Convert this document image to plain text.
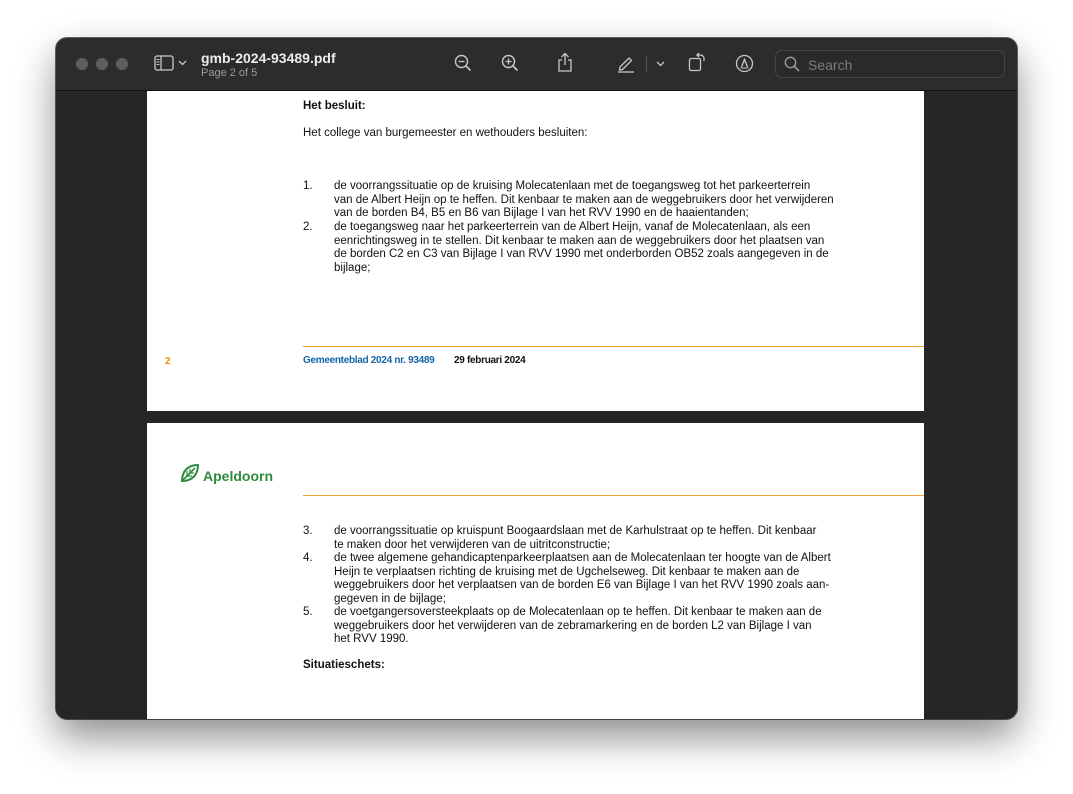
gmb-2024-93489.pdf
Page 2 of 5
Search
Het besluit:
Het college van burgemeester en wethouders besluiten:
1. de voorrangssituatie op de kruising Molecatenlaan met de toegangsweg tot het parkeerterrein
van de Albert Heijn op te heffen. Dit kenbaar te maken aan de weggebruikers door het verwijderen
van de borden B4, B5 en B6 van Bijlage I van het RVV 1990 en de haaientanden;
2. de toegangsweg naar het parkeerterrein van de Albert Heijn, vanaf de Molecatenlaan, als een
eenrichtingsweg in te stellen. Dit kenbaar te maken aan de weggebruikers door het plaatsen van
de borden C2 en C3 van Bijlage I van RVV 1990 met onderborden OB52 zoals aangegeven in de
bijlage;
2	Gemeenteblad 2024 nr. 93489 29 februari 2024
Apeldoorn
3. de voorrangssituatie op kruispunt Boogaardslaan met de Karhulstraat op te heffen. Dit kenbaar
te maken door het verwijderen van de uitritconstructie;
4. de twee algemene gehandicaptenparkeerplaatsen aan de Molecatenlaan ter hoogte van de Albert
Heijn te verplaatsen richting de kruising met de Ugchelseweg. Dit kenbaar te maken aan de
weggebruikers door het verplaatsen van de borden E6 van Bijlage I van het RVV 1990 zoals aan-
gegeven in de bijlage;
5. de voetgangersoversteekplaats op de Molecatenlaan op te heffen. Dit kenbaar te maken aan de
weggebruikers door het verwijderen van de zebramarkering en de borden L2 van Bijlage I van
het RVV 1990.
Situatieschets:
